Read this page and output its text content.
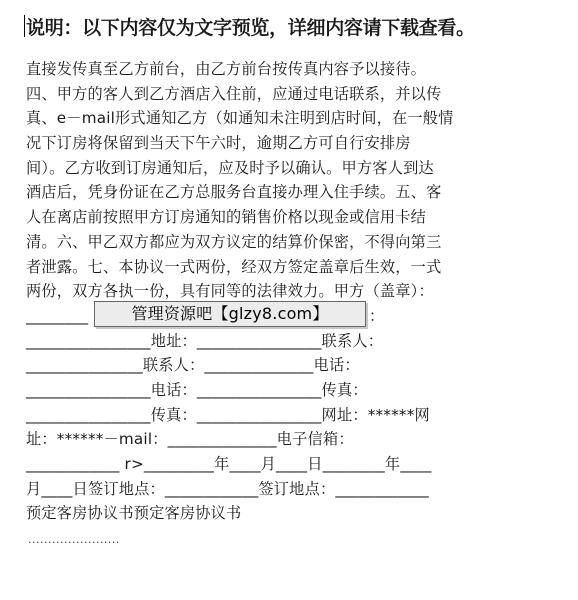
说明：以下内容仅为文字预览，详细内容请下载查看。
直接发传真至乙方前台，由乙方前台按传真内容予以接待。
四、甲方的客人到乙方酒店入住前，应通过电话联系，并以传
真、e－mail形式通知乙方（如通知未注明到店时间，在一般情
况下订房将保留到当天下午六时，逾期乙方可自行安排房
间）。乙方收到订房通知后，应及时予以确认。甲方客人到达
酒店后，凭身份证在乙方总服务台直接办理入住手续。五、客
人在离店前按照甲方订房通知的销售价格以现金或信用卡结
清。六、甲乙双方都应为双方议定的结算价保密，不得向第三
者泄露。七、本协议一式两份，经双方签定盖章后生效，一式
两份，双方各执一份，具有同等的法律效力。甲方（盖章）：
________	管理资源吧【glzy8.com】	：
________________地址：________________联系人：
_______________联系人：______________电话：
________________电话：________________传真：
________________传真：________________网址：******网
址：******－mail：______________电子信箱：
____________ r>_________年____月____日________年____
月____日签订地点：____________签订地点：____________
预定客房协议书预定客房协议书
·······················
